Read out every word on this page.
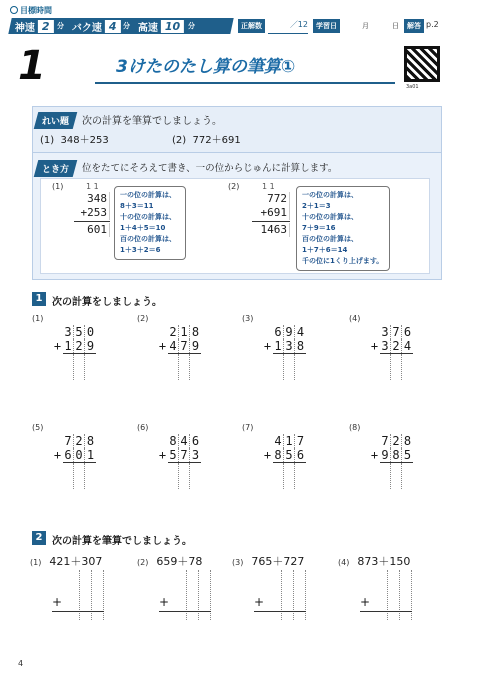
目標時間
神速 2	分 バク速 4	分 高速 10	分	正解数	／12	学習日	月	日	解答 p.2
1	3けたのたし算の筆算①
3a01
れい題	次の計算を筆算でしましょう。
(1) 348＋253	(2) 772＋691
とき方	位をたてにそろえて書き、一の位からじゅんに計算します。
(1)	1 1
348
+253
601
一の位の計算は、
8＋3＝11
十の位の計算は、
1＋4＋5＝10
百の位の計算は、
1＋3＋2＝6
(2)	1 1
772
+691
1463
一の位の計算は、
2＋1＝3
十の位の計算は、
7＋9＝16
百の位の計算は、
1＋7＋6＝14
千の位に1くり上げます。
1 次の計算をしましょう。
(1)
3 5 0
+ 1 2 9
(2)
2 1 8
+ 4 7 9
(3)
6 9 4
+ 1 3 8
(4)
3 7 6
+ 3 2 4
(5)
7 2 8
+ 6 0 1
(6)
8 4 6
+ 5 7 3
(7)
4 1 7
+ 8 5 6
(8)
7 2 8
+ 9 8 5
2 次の計算を筆算でしましょう。
(1) 421＋307
+
(2) 659＋78
+
(3) 765＋727
+
(4) 873＋150
+
4
